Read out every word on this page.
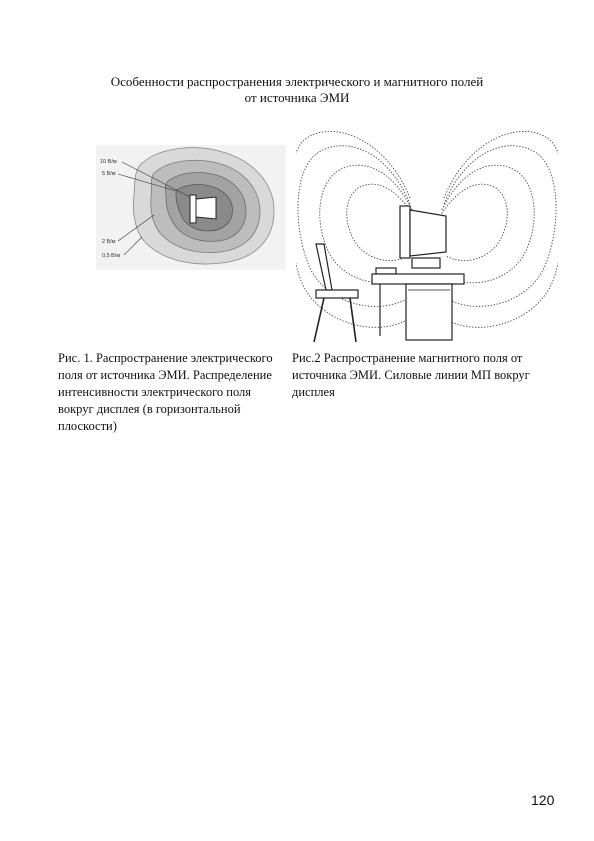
Особенности распространения электрического и магнитного полей
от источника ЭМИ
10 В/м
5 В/м
2 В/м
0,5 В/м
Рис. 1. Распространение электрического поля от источника ЭМИ. Распределение интенсивности электрического поля вокруг дисплея (в горизонтальной плоскости)
Рис.2 Распространение магнитного поля от источника ЭМИ. Силовые линии МП вокруг дисплея
120
